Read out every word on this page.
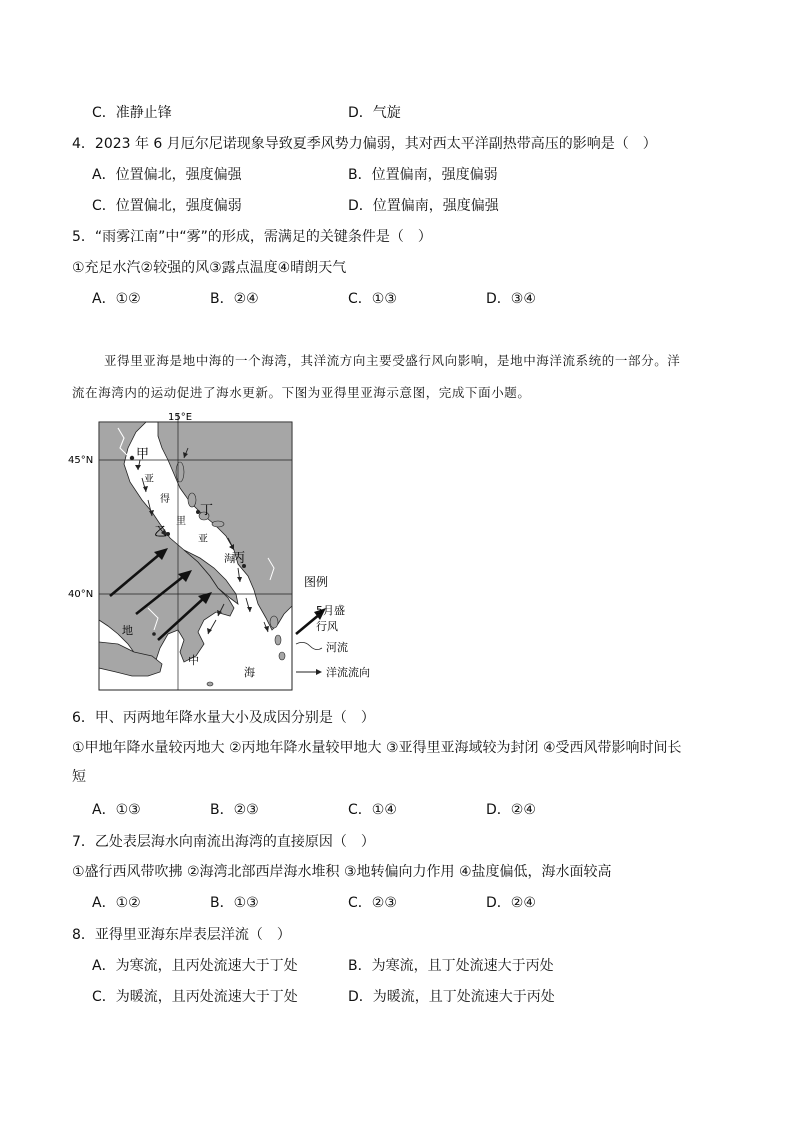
C．准静止锋	D．气旋
4．2023 年 6 月厄尔尼诺现象导致夏季风势力偏弱，其对西太平洋副热带高压的影响是（　）
A．位置偏北，强度偏强	B．位置偏南，强度偏弱
C．位置偏北，强度偏弱	D．位置偏南，强度偏强
5．“雨雾江南”中“雾”的形成，需满足的关键条件是（　）
①充足水汽②较强的风③露点温度④晴朗天气
A．①②	B．②④	C．①③	D．③④
亚得里亚海是地中海的一个海湾，其洋流方向主要受盛行风向影响，是地中海洋流系统的一部分。洋
流在海湾内的运动促进了海水更新。下图为亚得里亚海示意图，完成下面小题。
15°E
45°N
40°N
甲
乙
丙
丁
亚
得
里
亚
海
地
中
海
图例
5月盛
行风
河流
洋流流向
6．甲、丙两地年降水量大小及成因分别是（　）
①甲地年降水量较丙地大 ②丙地年降水量较甲地大 ③亚得里亚海域较为封闭 ④受西风带影响时间长
短
A．①③	B．②③	C．①④	D．②④
7．乙处表层海水向南流出海湾的直接原因（　）
①盛行西风带吹拂 ②海湾北部西岸海水堆积 ③地转偏向力作用 ④盐度偏低，海水面较高
A．①②	B．①③	C．②③	D．②④
8．亚得里亚海东岸表层洋流（　）
A．为寒流，且丙处流速大于丁处	B．为寒流，且丁处流速大于丙处
C．为暖流，且丙处流速大于丁处	D．为暖流，且丁处流速大于丙处
